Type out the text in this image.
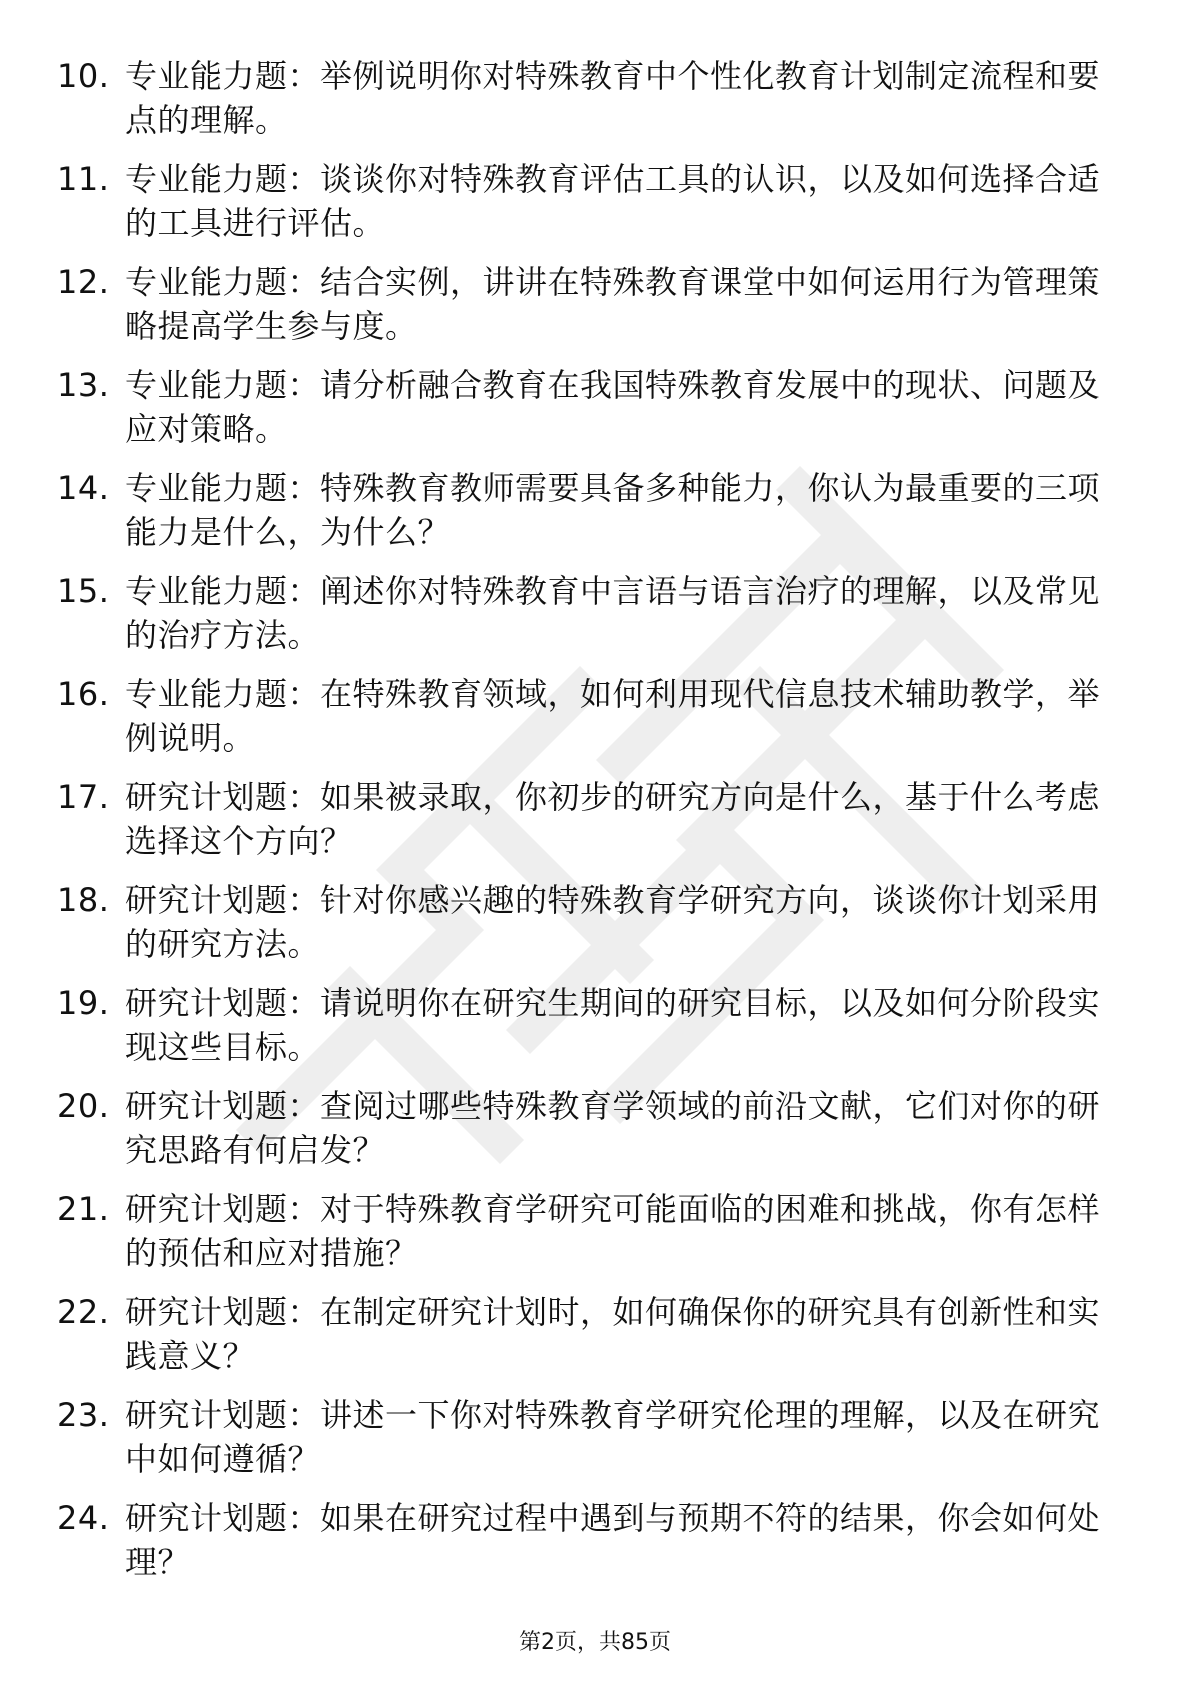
10. 专业能力题：举例说明你对特殊教育中个性化教育计划制定流程和要点的理解。
11. 专业能力题：谈谈你对特殊教育评估工具的认识，以及如何选择合适的工具进行评估。
12. 专业能力题：结合实例，讲讲在特殊教育课堂中如何运用行为管理策略提高学生参与度。
13. 专业能力题：请分析融合教育在我国特殊教育发展中的现状、问题及应对策略。
14. 专业能力题：特殊教育教师需要具备多种能力，你认为最重要的三项能力是什么，为什么？
15. 专业能力题：阐述你对特殊教育中言语与语言治疗的理解，以及常见的治疗方法。
16. 专业能力题：在特殊教育领域，如何利用现代信息技术辅助教学，举例说明。
17. 研究计划题：如果被录取，你初步的研究方向是什么，基于什么考虑选择这个方向？
18. 研究计划题：针对你感兴趣的特殊教育学研究方向，谈谈你计划采用的研究方法。
19. 研究计划题：请说明你在研究生期间的研究目标，以及如何分阶段实现这些目标。
20. 研究计划题：查阅过哪些特殊教育学领域的前沿文献，它们对你的研究思路有何启发？
21. 研究计划题：对于特殊教育学研究可能面临的困难和挑战，你有怎样的预估和应对措施？
22. 研究计划题：在制定研究计划时，如何确保你的研究具有创新性和实践意义？
23. 研究计划题：讲述一下你对特殊教育学研究伦理的理解，以及在研究中如何遵循？
24. 研究计划题：如果在研究过程中遇到与预期不符的结果，你会如何处理？
第2页，共85页
